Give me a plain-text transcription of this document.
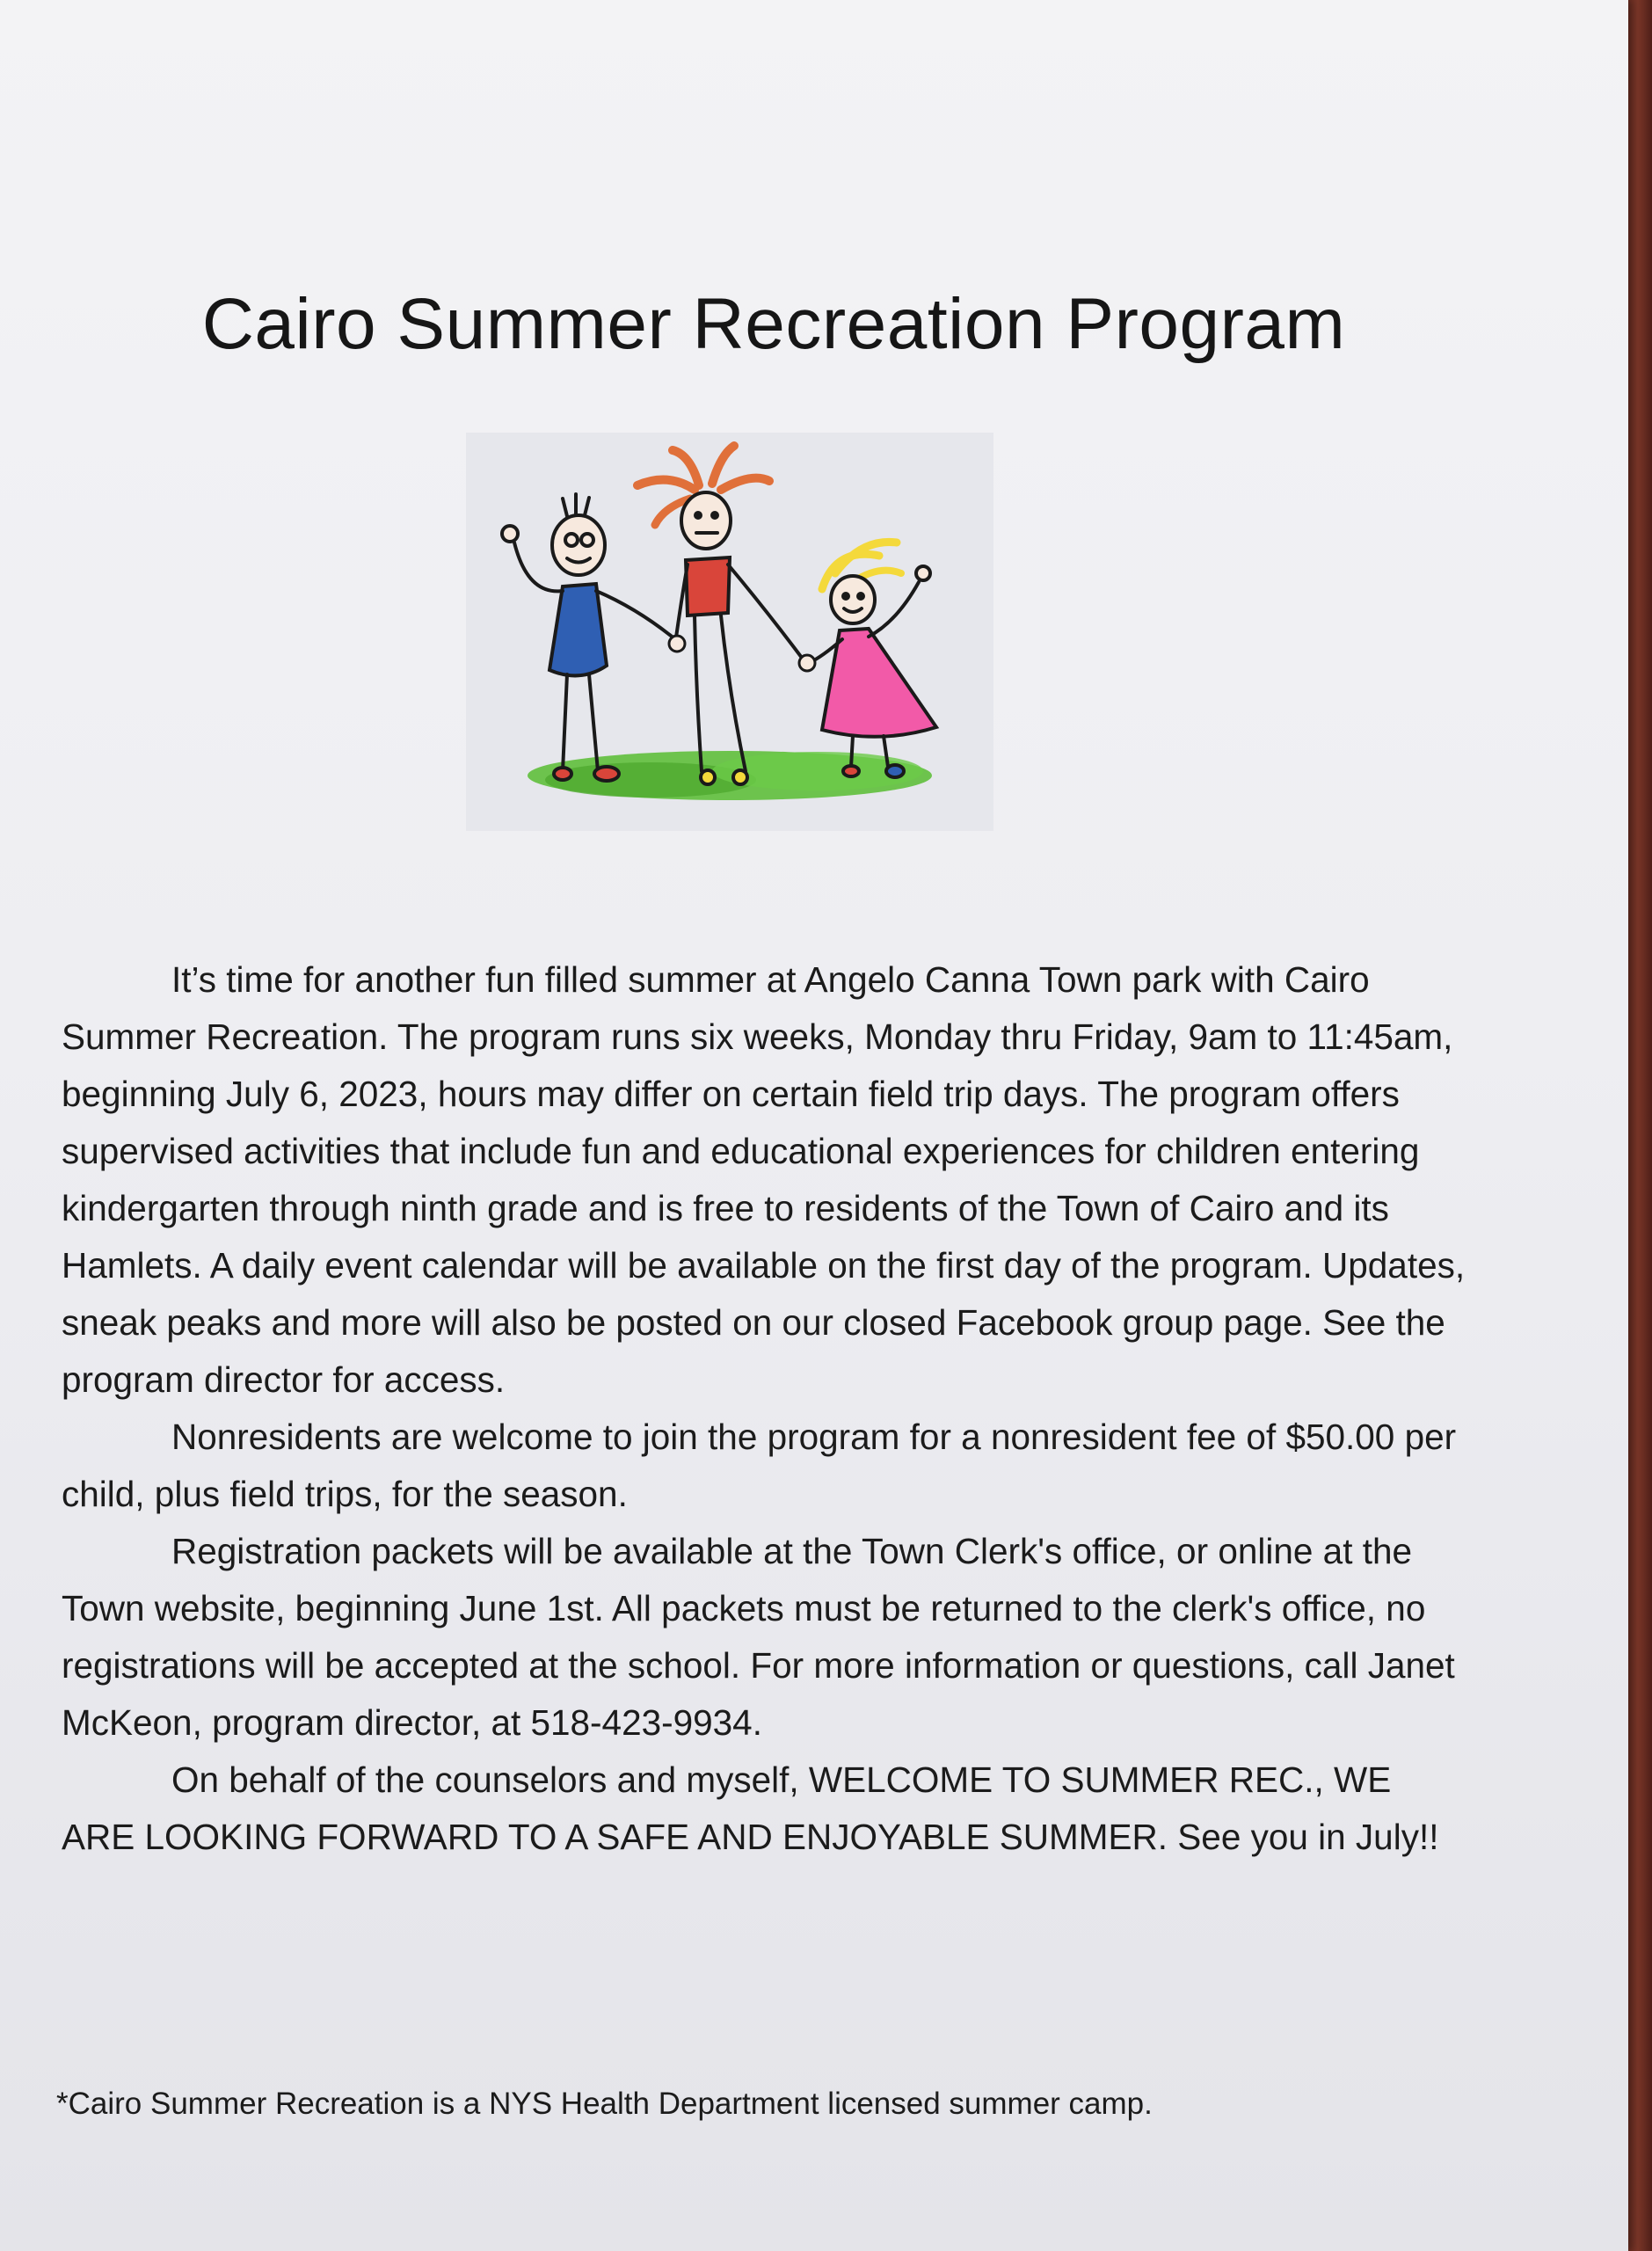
Cairo Summer Recreation Program

It’s time for another fun filled summer at Angelo Canna Town park with Cairo Summer Recreation. The program runs six weeks, Monday thru Friday, 9am to 11:45am, beginning July 6, 2023, hours may differ on certain field trip days. The program offers supervised activities that include fun and educational experiences for children entering kindergarten through ninth grade and is free to residents of the Town of Cairo and its Hamlets. A daily event calendar will be available on the first day of the program. Updates, sneak peaks and more will also be posted on our closed Facebook group page. See the program director for access.

Nonresidents are welcome to join the program for a nonresident fee of $50.00 per child, plus field trips, for the season.

Registration packets will be available at the Town Clerk's office, or online at the Town website, beginning June 1st. All packets must be returned to the clerk's office, no registrations will be accepted at the school. For more information or questions, call Janet McKeon, program director, at 518-423-9934.

On behalf of the counselors and myself, WELCOME TO SUMMER REC., WE ARE LOOKING FORWARD TO A SAFE AND ENJOYABLE SUMMER. See you in July!!

*Cairo Summer Recreation is a NYS Health Department licensed summer camp.
